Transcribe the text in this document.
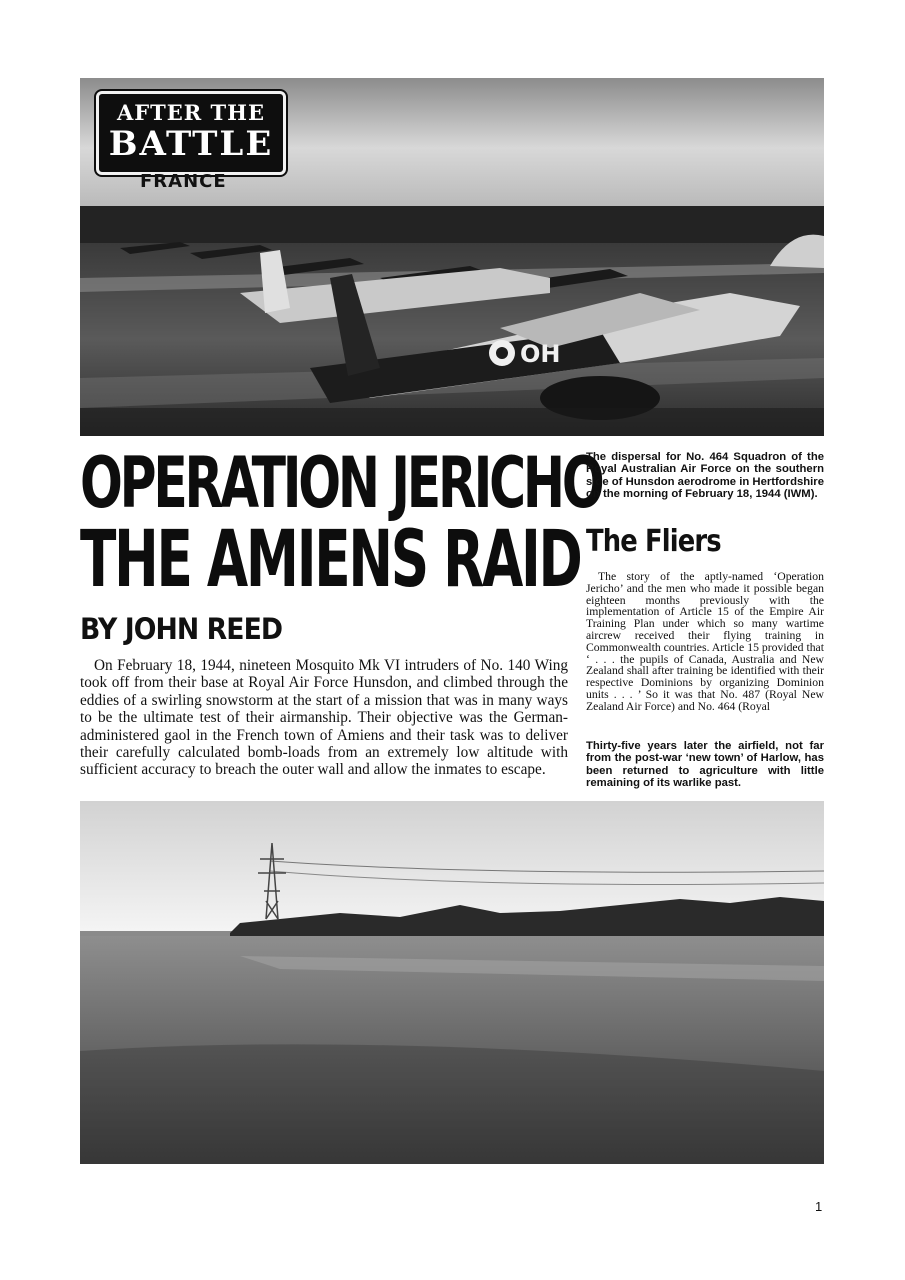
OH
AFTER THE
BATTLE
FRANCE
OPERATION JERICHO
THE AMIENS RAID
BY JOHN REED

On February 18, 1944, nineteen Mosquito Mk VI intruders of No. 140 Wing took off from their base at Royal Air Force Hunsdon, and climbed through the eddies of a swirling snowstorm at the start of a mission that was in many ways to be the ultimate test of their airmanship. Their objective was the German-administered gaol in the French town of Amiens and their task was to deliver their carefully calculated bomb-loads from an extremely low altitude with sufficient accuracy to breach the outer wall and allow the inmates to escape.

The dispersal for No. 464 Squadron of the Royal Australian Air Force on the southern side of Hunsdon aerodrome in Hertfordshire on the morning of February 18, 1944 (IWM).

The Fliers

The story of the aptly-named ‘Operation Jericho’ and the men who made it possible began eighteen months previously with the implementation of Article 15 of the Empire Air Training Plan under which so many wartime aircrew received their flying training in Commonwealth countries. Article 15 provided that ‘ . . . the pupils of Canada, Australia and New Zealand shall after training be identified with their respective Dominions by organizing Dominion units . . . ’ So it was that No. 487 (Royal New Zealand Air Force) and No. 464 (Royal

Thirty-five years later the airfield, not far from the post-war ‘new town’ of Harlow, has been returned to agriculture with little remaining of its warlike past.

1
